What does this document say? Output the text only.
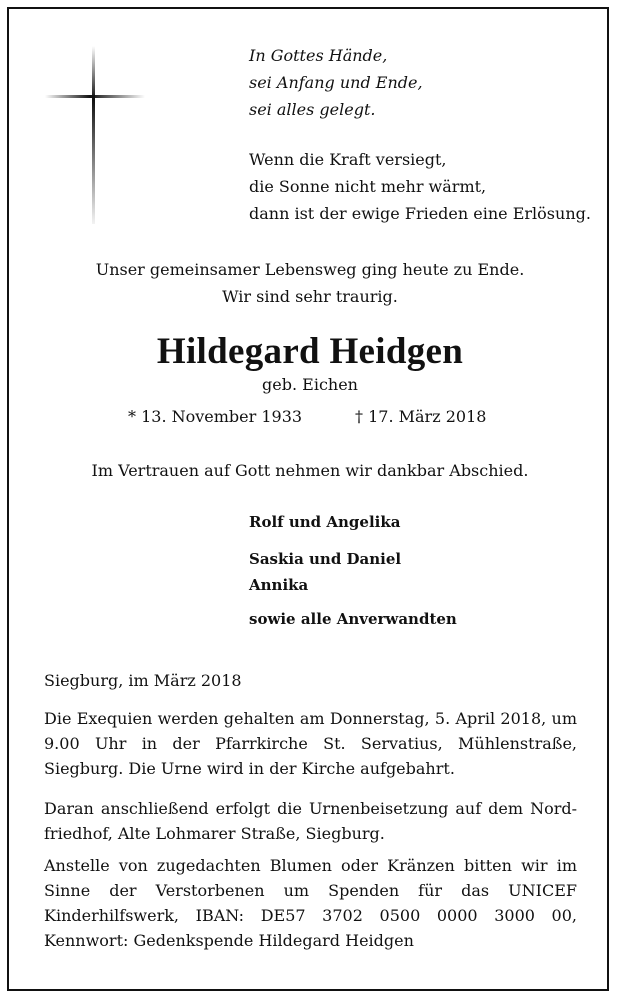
In Gottes Hände,
sei Anfang und Ende,
sei alles gelegt.
Wenn die Kraft versiegt,
die Sonne nicht mehr wärmt,
dann ist der ewige Frieden eine Erlösung.
Unser gemeinsamer Lebensweg ging heute zu Ende.
Wir sind sehr traurig.
Hildegard Heidgen
geb. Eichen
* 13. November 1933	† 17. März 2018
Im Vertrauen auf Gott nehmen wir dankbar Abschied.
Rolf und Angelika
Saskia und Daniel
Annika
sowie alle Anverwandten
Siegburg, im März 2018

Die Exequien werden gehalten am Donnerstag, 5. April 2018, um 9.00 Uhr in der Pfarrkirche St. Servatius, Mühlenstraße, Siegburg. Die Urne wird in der Kirche aufgebahrt.

Daran anschließend erfolgt die Urnenbeisetzung auf dem Nord-friedhof, Alte Lohmarer Straße, Siegburg.

Anstelle von zugedachten Blumen oder Kränzen bitten wir im Sinne der Verstorbenen um Spenden für das UNICEF Kinderhilfswerk, IBAN: DE57 3702 0500 0000 3000 00, Kennwort: Gedenkspende Hildegard Heidgen
